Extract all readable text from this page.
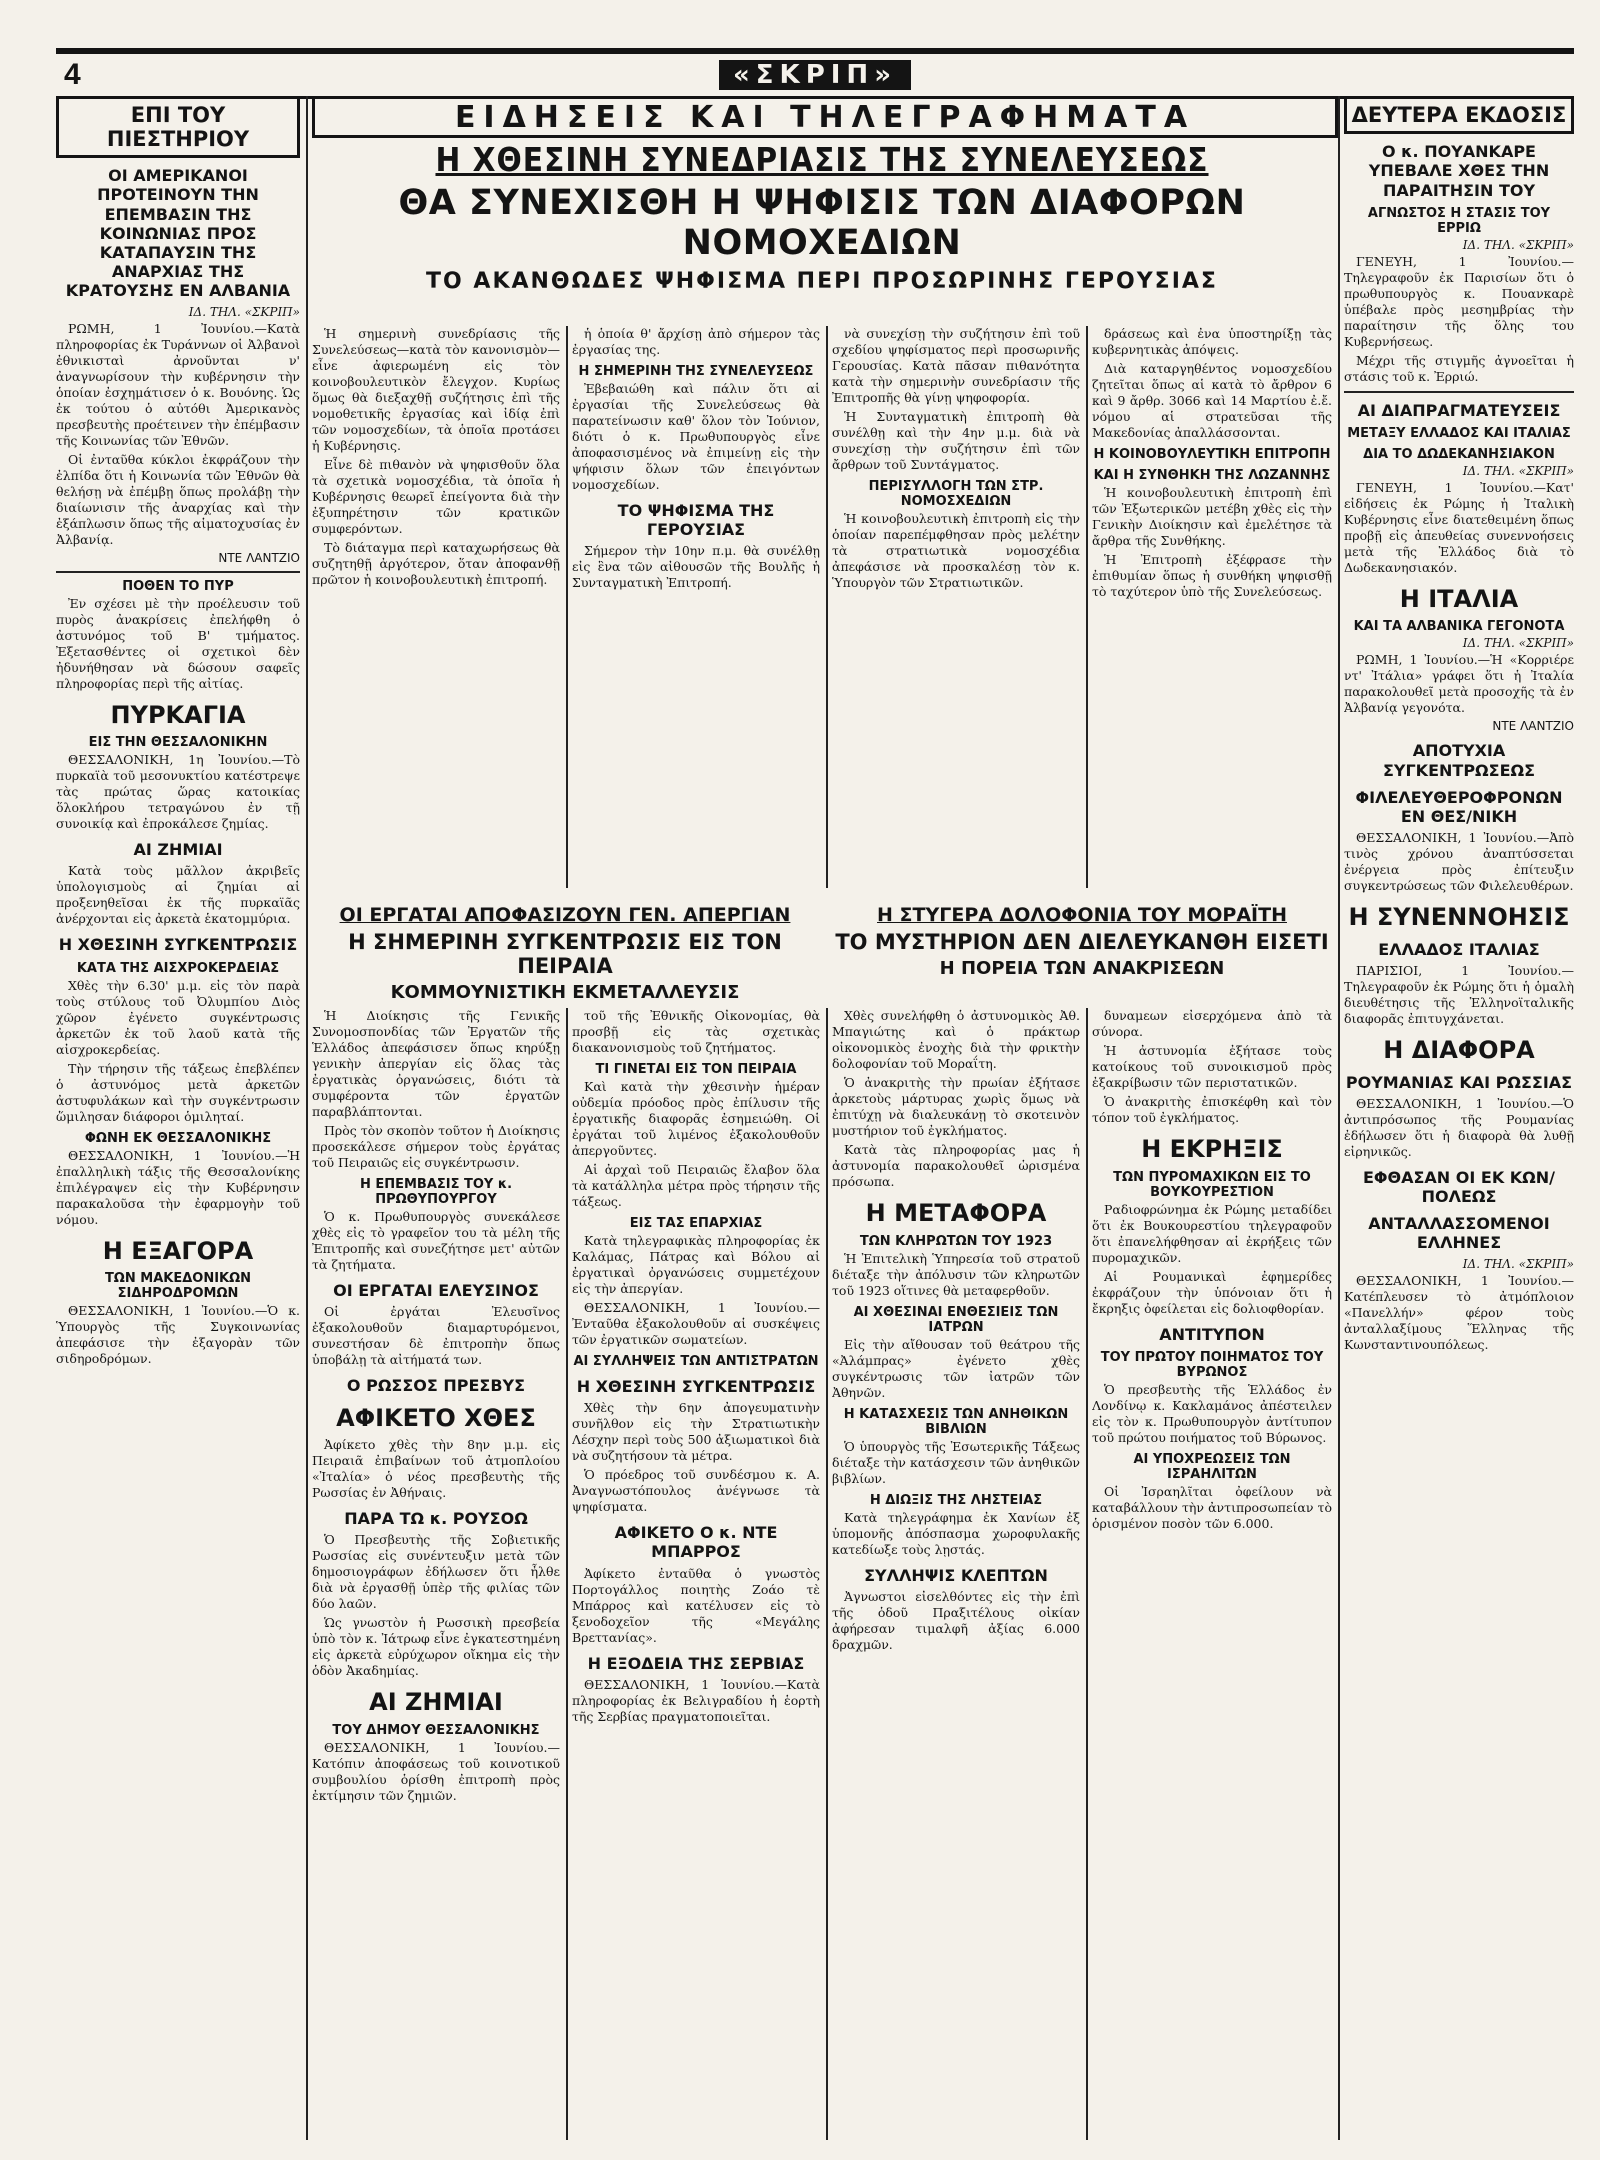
4	«ΣΚΡΙΠ»
ΕΠΙ ΤΟΥ ΠΙΕΣΤΗΡΙΟΥ
ΟΙ ΑΜΕΡΙΚΑΝΟΙ ΠΡΟΤΕΙΝΟΥΝ ΤΗΝ ΕΠΕΜΒΑΣΙΝ ΤΗΣ ΚΟΙΝΩΝΙΑΣ ΠΡΟΣ ΚΑΤΑΠΑΥΣΙΝ ΤΗΣ ΑΝΑΡΧΙΑΣ ΤΗΣ ΚΡΑΤΟΥΣΗΣ ΕΝ ΑΛΒΑΝΙΑ
ΙΔ. ΤΗΛ. «ΣΚΡΙΠ»

ΡΩΜΗ, 1 Ἰουνίου.—Κατὰ πληροφορίας ἐκ Τυράννων οἱ Ἀλβανοὶ ἐθνικισταὶ ἀρνοῦνται ν' ἀναγνωρίσουν τὴν κυβέρνησιν τὴν ὁποίαν ἐσχημάτισεν ὁ κ. Βουόνης. Ὡς ἐκ τούτου ὁ αὐτόθι Ἀμερικανὸς πρεσβευτὴς προέτεινεν τὴν ἐπέμβασιν τῆς Κοινωνίας τῶν Ἐθνῶν.

Οἱ ἐνταῦθα κύκλοι ἐκφράζουν τὴν ἐλπίδα ὅτι ἡ Κοινωνία τῶν Ἐθνῶν θὰ θελήσῃ νὰ ἐπέμβῃ ὅπως προλάβῃ τὴν διαίωνισιν τῆς ἀναρχίας καὶ τὴν ἐξάπλωσιν ὅπως τῆς αἱματοχυσίας ἐν Ἀλβανίᾳ.

ΝΤΕ ΛΑΝΤΖΙΟ
ΠΟΘΕΝ ΤΟ ΠΥΡ

Ἐν σχέσει μὲ τὴν προέλευσιν τοῦ πυρὸς ἀνακρίσεις ἐπελήφθη ὁ ἀστυνόμος τοῦ Β' τμήματος. Ἐξετασθέντες οἱ σχετικοὶ δὲν ἠδυνήθησαν νὰ δώσουν σαφεῖς πληροφορίας περὶ τῆς αἰτίας.

ΠΥΡΚΑΓΙΑ
ΕΙΣ ΤΗΝ ΘΕΣΣΑΛΟΝΙΚΗΝ

ΘΕΣΣΑΛΟΝΙΚΗ, 1η Ἰουνίου.—Τὸ πυρκαϊὰ τοῦ μεσονυκτίου κατέστρεψε τὰς πρώτας ὥρας κατοικίας ὅλοκλήρου τετραγώνου ἐν τῇ συνοικίᾳ καὶ ἐπροκάλεσε ζημίας.

ΑΙ ΖΗΜΙΑΙ

Κατὰ τοὺς μᾶλλον ἀκριβεῖς ὑπολογισμοὺς αἱ ζημίαι αἱ προξενηθεῖσαι ἐκ τῆς πυρκαϊᾶς ἀνέρχονται εἰς ἀρκετὰ ἑκατομμύρια.

Η ΧΘΕΣΙΝΗ ΣΥΓΚΕΝΤΡΩΣΙΣ
ΚΑΤΑ ΤΗΣ ΑΙΣΧΡΟΚΕΡΔΕΙΑΣ

Χθὲς τὴν 6.30' μ.μ. εἰς τὸν παρὰ τοὺς στύλους τοῦ Ὀλυμπίου Διὸς χῶρον ἐγένετο συγκέντρωσις ἀρκετῶν ἐκ τοῦ λαοῦ κατὰ τῆς αἰσχροκερδείας.

Τὴν τήρησιν τῆς τάξεως ἐπεβλέπεν ὁ ἀστυνόμος μετὰ ἀρκετῶν ἀστυφυλάκων καὶ τὴν συγκέντρωσιν ὥμιλησαν διάφοροι ὁμιληταί.

ΦΩΝΗ ΕΚ ΘΕΣΣΑΛΟΝΙΚΗΣ

ΘΕΣΣΑΛΟΝΙΚΗ, 1 Ἰουνίου.—Ἡ ἐπαλληλικὴ τάξις τῆς Θεσσαλονίκης ἐπιλέγραψεν εἰς τὴν Κυβέρνησιν παρακαλοῦσα τὴν ἐφαρμογὴν τοῦ νόμου.

Η ΕΞΑΓΟΡΑ
ΤΩΝ ΜΑΚΕΔΟΝΙΚΩΝ ΣΙΔΗΡΟΔΡΟΜΩΝ

ΘΕΣΣΑΛΟΝΙΚΗ, 1 Ἰουνίου.—Ὁ κ. Ὑπουργὸς τῆς Συγκοινωνίας ἀπεφάσισε τὴν ἐξαγορὰν τῶν σιδηροδρόμων.

ΕΙΔΗΣΕΙΣ ΚΑΙ ΤΗΛΕΓΡΑΦΗΜΑΤΑ
Η ΧΘΕΣΙΝΗ ΣΥΝΕΔΡΙΑΣΙΣ ΤΗΣ ΣΥΝΕΛΕΥΣΕΩΣ
ΘΑ ΣΥΝΕΧΙΣΘΗ Η ΨΗΦΙΣΙΣ ΤΩΝ ΔΙΑΦΟΡΩΝ ΝΟΜΟΧΕΔΙΩΝ
ΤΟ ΑΚΑΝΘΩΔΕΣ ΨΗΦΙΣΜΑ ΠΕΡΙ ΠΡΟΣΩΡΙΝΗΣ ΓΕΡΟΥΣΙΑΣ

Ἡ σημερινὴ συνεδρίασις τῆς Συνελεύσεως—κατὰ τὸν κανονισμὸν—εἶνε ἀφιερωμένη εἰς τὸν κοινοβουλευτικὸν ἔλεγχον. Κυρίως ὅμως θὰ διεξαχθῇ συζήτησις ἐπὶ τῆς νομοθετικῆς ἐργασίας καὶ ἰδίᾳ ἐπὶ τῶν νομοσχεδίων, τὰ ὁποῖα προτάσει ἡ Κυβέρνησις.

Εἶνε δὲ πιθανὸν νὰ ψηφισθοῦν ὅλα τὰ σχετικὰ νομοσχέδια, τὰ ὁποῖα ἡ Κυβέρνησις θεωρεῖ ἐπείγοντα διὰ τὴν ἐξυπηρέτησιν τῶν κρατικῶν συμφερόντων.

Τὸ διάταγμα περὶ καταχωρήσεως θὰ συζητηθῇ ἀργότερον, ὅταν ἀποφανθῇ πρῶτον ἡ κοινοβουλευτικὴ ἐπιτροπή.

ἡ ὁποία θ' ἄρχίσῃ ἀπὸ σήμερον τὰς ἐργασίας της.

Η ΣΗΜΕΡΙΝΗ ΤΗΣ ΣΥΝΕΛΕΥΣΕΩΣ

Ἐβεβαιώθη καὶ πάλιν ὅτι αἱ ἐργασίαι τῆς Συνελεύσεως θὰ παρατείνωσιν καθ' ὅλον τὸν Ἰούνιον, διότι ὁ κ. Πρωθυπουργὸς εἶνε ἀποφασισμένος νὰ ἐπιμείνῃ εἰς τὴν ψήφισιν ὅλων τῶν ἐπειγόντων νομοσχεδίων.

ΤΟ ΨΗΦΙΣΜΑ ΤΗΣ ΓΕΡΟΥΣΙΑΣ

Σήμερον τὴν 10ην π.μ. θὰ συνέλθῃ εἰς ἓνα τῶν αἰθουσῶν τῆς Βουλῆς ἡ Συνταγματικὴ Ἐπιτροπή.

νὰ συνεχίσῃ τὴν συζήτησιν ἐπὶ τοῦ σχεδίου ψηφίσματος περὶ προσωρινῆς Γερουσίας. Κατὰ πᾶσαν πιθανότητα κατὰ τὴν σημερινὴν συνεδρίασιν τῆς Ἐπιτροπῆς θὰ γίνῃ ψηφοφορία.

Ἡ Συνταγματικὴ ἐπιτροπὴ θὰ συνέλθῃ καὶ τὴν 4ην μ.μ. διὰ νὰ συνεχίσῃ τὴν συζήτησιν ἐπὶ τῶν ἄρθρων τοῦ Συντάγματος.

ΠΕΡΙΣΥΛΛΟΓΗ ΤΩΝ ΣΤΡ. ΝΟΜΟΣΧΕΔΙΩΝ

Ἡ κοινοβουλευτικὴ ἐπιτροπὴ εἰς τὴν ὁποίαν παρεπέμφθησαν πρὸς μελέτην τὰ στρατιωτικὰ νομοσχέδια ἀπεφάσισε νὰ προσκαλέσῃ τὸν κ. Ὑπουργὸν τῶν Στρατιωτικῶν.

δράσεως καὶ ἐνα ὑποστηρίξῃ τὰς κυβερνητικὰς ἀπόψεις.

Διὰ καταργηθέντος νομοσχεδίου ζητεῖται ὅπως αἱ κατὰ τὸ ἄρθρον 6 καὶ 9 ἄρθρ. 3066 καὶ 14 Μαρτίου ἐ.ἔ. νόμου αἱ στρατεῦσαι τῆς Μακεδονίας ἀπαλλάσσονται.

Η ΚΟΙΝΟΒΟΥΛΕΥΤΙΚΗ ΕΠΙΤΡΟΠΗ
ΚΑΙ Η ΣΥΝΘΗΚΗ ΤΗΣ ΛΩΖΑΝΝΗΣ

Ἡ κοινοβουλευτικὴ ἐπιτροπὴ ἐπὶ τῶν Ἐξωτερικῶν μετέβη χθὲς εἰς τὴν Γενικὴν Διοίκησιν καὶ ἐμελέτησε τὰ ἄρθρα τῆς Συνθήκης.

Ἡ Ἐπιτροπὴ ἐξέφρασε τὴν ἐπιθυμίαν ὅπως ἡ συνθήκη ψηφισθῇ τὸ ταχύτερον ὑπὸ τῆς Συνελεύσεως.

ΟΙ ΕΡΓΑΤΑΙ ΑΠΟΦΑΣΙΖΟΥΝ ΓΕΝ. ΑΠΕΡΓΙΑΝ
Η ΣΗΜΕΡΙΝΗ ΣΥΓΚΕΝΤΡΩΣΙΣ ΕΙΣ ΤΟΝ ΠΕΙΡΑΙΑ
ΚΟΜΜΟΥΝΙΣΤΙΚΗ ΕΚΜΕΤΑΛΛΕΥΣΙΣ
Η ΣΤΥΓΕΡΑ ΔΟΛΟΦΟΝΙΑ ΤΟΥ ΜΟΡΑΪΤΗ
ΤΟ ΜΥΣΤΗΡΙΟΝ ΔΕΝ ΔΙΕΛΕΥΚΑΝΘΗ ΕΙΣΕΤΙ
Η ΠΟΡΕΙΑ ΤΩΝ ΑΝΑΚΡΙΣΕΩΝ

Ἡ Διοίκησις τῆς Γενικῆς Συνομοσπονδίας τῶν Ἐργατῶν τῆς Ἑλλάδος ἀπεφάσισεν ὅπως κηρύξῃ γενικὴν ἀπεργίαν εἰς ὅλας τὰς ἐργατικὰς ὀργανώσεις, διότι τὰ συμφέροντα τῶν ἐργατῶν παραβλάπτονται.

Πρὸς τὸν σκοπὸν τοῦτον ἡ Διοίκησις προσεκάλεσε σήμερον τοὺς ἐργάτας τοῦ Πειραιῶς εἰς συγκέντρωσιν.

Η ΕΠΕΜΒΑΣΙΣ ΤΟΥ κ. ΠΡΩΘΥΠΟΥΡΓΟΥ

Ὁ κ. Πρωθυπουργὸς συνεκάλεσε χθὲς εἰς τὸ γραφεῖον του τὰ μέλη τῆς Ἐπιτροπῆς καὶ συνεζήτησε μετ' αὐτῶν τὰ ζητήματα.

ΟΙ ΕΡΓΑΤΑΙ ΕΛΕΥΣΙΝΟΣ

Οἱ ἐργάται Ἐλευσῖνος ἐξακολουθοῦν διαμαρτυρόμενοι, συνεστήσαν δὲ ἐπιτροπὴν ὅπως ὑποβάλῃ τὰ αἰτήματά των.

Ο ΡΩΣΣΟΣ ΠΡΕΣΒΥΣ
ΑΦΙΚΕΤΟ ΧΘΕΣ

Ἀφίκετο χθὲς τὴν 8ην μ.μ. εἰς Πειραιᾶ ἐπιβαίνων τοῦ ἀτμοπλοίου «Ἰταλία» ὁ νέος πρεσβευτὴς τῆς Ρωσσίας ἐν Ἀθήναις.

ΠΑΡΑ ΤΩ κ. ΡΟΥΣΟΩ

Ὁ Πρεσβευτὴς τῆς Σοβιετικῆς Ρωσσίας εἰς συνέντευξιν μετὰ τῶν δημοσιογράφων ἐδήλωσεν ὅτι ἦλθε διὰ νὰ ἐργασθῇ ὑπὲρ τῆς φιλίας τῶν δύο λαῶν.

Ὡς γνωστὸν ἡ Ρωσσικὴ πρεσβεία ὑπὸ τὸν κ. Ἰάτρωφ εἶνε ἐγκατεστημένη εἰς ἀρκετὰ εὐρύχωρον οἴκημα εἰς τὴν ὁδὸν Ἀκαδημίας.

ΑΙ ΖΗΜΙΑΙ
ΤΟΥ ΔΗΜΟΥ ΘΕΣΣΑΛΟΝΙΚΗΣ

ΘΕΣΣΑΛΟΝΙΚΗ, 1 Ἰουνίου.—Κατόπιν ἀποφάσεως τοῦ κοινοτικοῦ συμβουλίου ὁρίσθη ἐπιτροπὴ πρὸς ἐκτίμησιν τῶν ζημιῶν.

τοῦ τῆς Ἐθνικῆς Οἰκονομίας, θὰ προσβῇ εἰς τὰς σχετικὰς διακανονισμοὺς τοῦ ζητήματος.

ΤΙ ΓΙΝΕΤΑΙ ΕΙΣ ΤΟΝ ΠΕΙΡΑΙΑ

Καὶ κατὰ τὴν χθεσινὴν ἡμέραν οὐδεμία πρόοδος πρὸς ἐπίλυσιν τῆς ἐργατικῆς διαφορᾶς ἐσημειώθη. Οἱ ἐργάται τοῦ λιμένος ἐξακολουθοῦν ἀπεργοῦντες.

Αἱ ἀρχαὶ τοῦ Πειραιῶς ἔλαβον ὅλα τὰ κατάλληλα μέτρα πρὸς τήρησιν τῆς τάξεως.

ΕΙΣ ΤΑΣ ΕΠΑΡΧΙΑΣ

Κατὰ τηλεγραφικὰς πληροφορίας ἐκ Καλάμας, Πάτρας καὶ Βόλου αἱ ἐργατικαὶ ὀργανώσεις συμμετέχουν εἰς τὴν ἀπεργίαν.

ΘΕΣΣΑΛΟΝΙΚΗ, 1 Ἰουνίου.—Ἐνταῦθα ἐξακολουθοῦν αἱ συσκέψεις τῶν ἐργατικῶν σωματείων.

ΑΙ ΣΥΛΛΗΨΕΙΣ ΤΩΝ ΑΝΤΙΣΤΡΑΤΩΝ
Η ΧΘΕΣΙΝΗ ΣΥΓΚΕΝΤΡΩΣΙΣ

Χθὲς τὴν 6ην ἀπογευματινὴν συνῆλθον εἰς τὴν Στρατιωτικὴν Λέσχην περὶ τοὺς 500 ἀξιωματικοὶ διὰ νὰ συζητήσουν τὰ μέτρα.

Ὁ πρόεδρος τοῦ συνδέσμου κ. Α. Ἀναγνωστόπουλος ἀνέγνωσε τὰ ψηφίσματα.

ΑΦΙΚΕΤΟ Ο κ. ΝΤΕ ΜΠΑΡΡΟΣ

Ἀφίκετο ἐνταῦθα ὁ γνωστὸς Πορτογάλλος ποιητὴς Ζοάο τὲ Μπάρρος καὶ κατέλυσεν εἰς τὸ ξενοδοχεῖον τῆς «Μεγάλης Βρεττανίας».

Η ΕΞΟΔΕΙΑ ΤΗΣ ΣΕΡΒΙΑΣ

ΘΕΣΣΑΛΟΝΙΚΗ, 1 Ἰουνίου.—Κατὰ πληροφορίας ἐκ Βελιγραδίου ἡ ἑορτὴ τῆς Σερβίας πραγματοποιεῖται.

Χθὲς συνελήφθη ὁ ἀστυνομικὸς Ἀθ. Μπαγιώτης καὶ ὁ πράκτωρ οἰκονομικὸς ἐνοχὴς διὰ τὴν φρικτὴν δολοφονίαν τοῦ Μοραΐτη.

Ὁ ἀνακριτὴς τὴν πρωίαν ἐξήτασε ἀρκετοὺς μάρτυρας χωρὶς ὅμως νὰ ἐπιτύχῃ νὰ διαλευκάνῃ τὸ σκοτεινὸν μυστήριον τοῦ ἐγκλήματος.

Κατὰ τὰς πληροφορίας μας ἡ ἀστυνομία παρακολουθεῖ ὡρισμένα πρόσωπα.

Η ΜΕΤΑΦΟΡΑ
ΤΩΝ ΚΛΗΡΩΤΩΝ ΤΟΥ 1923

Ἡ Ἐπιτελικὴ Ὑπηρεσία τοῦ στρατοῦ διέταξε τὴν ἀπόλυσιν τῶν κληρωτῶν τοῦ 1923 οἵτινες θὰ μεταφερθοῦν.

ΑΙ ΧΘΕΣΙΝΑΙ ΕΝΘΕΣΙΕΙΣ ΤΩΝ ΙΑΤΡΩΝ

Εἰς τὴν αἴθουσαν τοῦ θεάτρου τῆς «Ἀλάμπρας» ἐγένετο χθὲς συγκέντρωσις τῶν ἰατρῶν τῶν Ἀθηνῶν.

Η ΚΑΤΑΣΧΕΣΙΣ ΤΩΝ ΑΝΗΘΙΚΩΝ ΒΙΒΛΙΩΝ

Ὁ ὑπουργὸς τῆς Ἐσωτερικῆς Τάξεως διέταξε τὴν κατάσχεσιν τῶν ἀνηθικῶν βιβλίων.

Η ΔΙΩΞΙΣ ΤΗΣ ΛΗΣΤΕΙΑΣ

Κατὰ τηλεγράφημα ἐκ Χανίων ἐξ ὑπομονῆς ἀπόσπασμα χωροφυλακῆς κατεδίωξε τοὺς λῃστάς.

ΣΥΛΛΗΨΙΣ ΚΛΕΠΤΩΝ

Ἀγνωστοι εἰσελθόντες εἰς τὴν ἐπὶ τῆς ὁδοῦ Πραξιτέλους οἰκίαν ἀφήρεσαν τιμαλφῆ ἀξίας 6.000 δραχμῶν.

δυναμεων εἰσερχόμενα ἀπὸ τὰ σύνορα.

Ἡ ἀστυνομία ἐξήτασε τοὺς κατοίκους τοῦ συνοικισμοῦ πρὸς ἐξακρίβωσιν τῶν περιστατικῶν.

Ὁ ἀνακριτὴς ἐπισκέφθη καὶ τὸν τόπον τοῦ ἐγκλήματος.

Η ΕΚΡΗΞΙΣ
ΤΩΝ ΠΥΡΟΜΑΧΙΚΩΝ ΕΙΣ ΤΟ ΒΟΥΚΟΥΡΕΣΤΙΟΝ

Ραδιοφρώνημα ἐκ Ρώμης μεταδίδει ὅτι ἐκ Βουκουρεστίου τηλεγραφοῦν ὅτι ἐπανελήφθησαν αἱ ἐκρήξεις τῶν πυρομαχικῶν.

Αἱ Ρουμανικαὶ ἐφημερίδες ἐκφράζουν τὴν ὑπόνοιαν ὅτι ἡ ἔκρηξις ὀφείλεται εἰς δολιοφθορίαν.

ΑΝΤΙΤΥΠΟΝ
ΤΟΥ ΠΡΩΤΟΥ ΠΟΙΗΜΑΤΟΣ ΤΟΥ ΒΥΡΩΝΟΣ

Ὁ πρεσβευτὴς τῆς Ἑλλάδος ἐν Λονδίνῳ κ. Κακλαμάνος ἀπέστειλεν εἰς τὸν κ. Πρωθυπουργὸν ἀντίτυπον τοῦ πρώτου ποιήματος τοῦ Βύρωνος.

ΑΙ ΥΠΟΧΡΕΩΣΕΙΣ ΤΩΝ ΙΣΡΑΗΛΙΤΩΝ

Οἱ Ἰσραηλῖται ὀφείλουν νὰ καταβάλλουν τὴν ἀντιπροσωπείαν τὸ ὁρισμένον ποσὸν τῶν 6.000.

ΔΕΥΤΕΡΑ ΕΚΔΟΣΙΣ
Ο κ. ΠΟΥΑΝΚΑΡΕ ΥΠΕΒΑΛΕ ΧΘΕΣ ΤΗΝ ΠΑΡΑΙΤΗΣΙΝ ΤΟΥ
ΑΓΝΩΣΤΟΣ Η ΣΤΑΣΙΣ ΤΟΥ ΕΡΡΙΩ
ΙΔ. ΤΗΛ. «ΣΚΡΙΠ»

ΓΕΝΕΥΗ, 1 Ἰουνίου.—Τηλεγραφοῦν ἐκ Παρισίων ὅτι ὁ πρωθυπουργὸς κ. Πουανκαρὲ ὑπέβαλε πρὸς μεσημβρίας τὴν παραίτησιν τῆς ὅλης του Κυβερνήσεως.

Μέχρι τῆς στιγμῆς ἀγνοεῖται ἡ στάσις τοῦ κ. Ἐρριώ.

ΑΙ ΔΙΑΠΡΑΓΜΑΤΕΥΣΕΙΣ
ΜΕΤΑΞΥ ΕΛΛΑΔΟΣ ΚΑΙ ΙΤΑΛΙΑΣ
ΔΙΑ ΤΟ ΔΩΔΕΚΑΝΗΣΙΑΚΟΝ
ΙΔ. ΤΗΛ. «ΣΚΡΙΠ»

ΓΕΝΕΥΗ, 1 Ἰουνίου.—Κατ' εἰδήσεις ἐκ Ρώμης ἡ Ἰταλικὴ Κυβέρνησις εἶνε διατεθειμένη ὅπως προβῇ εἰς ἀπευθείας συνεννοήσεις μετὰ τῆς Ἑλλάδος διὰ τὸ Δωδεκανησιακόν.

Η ΙΤΑΛΙΑ
ΚΑΙ ΤΑ ΑΛΒΑΝΙΚΑ ΓΕΓΟΝΟΤΑ
ΙΔ. ΤΗΛ. «ΣΚΡΙΠ»

ΡΩΜΗ, 1 Ἰουνίου.—Ἡ «Κορριέρε ντ' Ἰτάλια» γράφει ὅτι ἡ Ἰταλία παρακολουθεῖ μετὰ προσοχῆς τὰ ἐν Ἀλβανίᾳ γεγονότα.

ΝΤΕ ΛΑΝΤΖΙΟ
ΑΠΟΤΥΧΙΑ ΣΥΓΚΕΝΤΡΩΣΕΩΣ
ΦΙΛΕΛΕΥΘΕΡΟΦΡΟΝΩΝ ΕΝ ΘΕΣ/ΝΙΚΗ

ΘΕΣΣΑΛΟΝΙΚΗ, 1 Ἰουνίου.—Ἀπὸ τινὸς χρόνου ἀναπτύσσεται ἐνέργεια πρὸς ἐπίτευξιν συγκεντρώσεως τῶν Φιλελευθέρων.

Η ΣΥΝΕΝΝΟΗΣΙΣ
ΕΛΛΑΔΟΣ ΙΤΑΛΙΑΣ

ΠΑΡΙΣΙΟΙ, 1 Ἰουνίου.—Τηλεγραφοῦν ἐκ Ρώμης ὅτι ἡ ὁμαλὴ διευθέτησις τῆς Ἑλληνοϊταλικῆς διαφορᾶς ἐπιτυγχάνεται.

Η ΔΙΑΦΟΡΑ
ΡΟΥΜΑΝΙΑΣ ΚΑΙ ΡΩΣΣΙΑΣ

ΘΕΣΣΑΛΟΝΙΚΗ, 1 Ἰουνίου.—Ὁ ἀντιπρόσωπος τῆς Ρουμανίας ἐδήλωσεν ὅτι ἡ διαφορὰ θὰ λυθῇ εἰρηνικῶς.

ΕΦΘΑΣΑΝ ΟΙ ΕΚ ΚΩΝ/ΠΟΛΕΩΣ
ΑΝΤΑΛΛΑΣΣΟΜΕΝΟΙ ΕΛΛΗΝΕΣ
ΙΔ. ΤΗΛ. «ΣΚΡΙΠ»

ΘΕΣΣΑΛΟΝΙΚΗ, 1 Ἰουνίου.—Κατέπλευσεν τὸ ἀτμόπλοιον «Πανελλήν» φέρον τοὺς ἀνταλλαξίμους Ἕλληνας τῆς Κωνσταντινουπόλεως.
